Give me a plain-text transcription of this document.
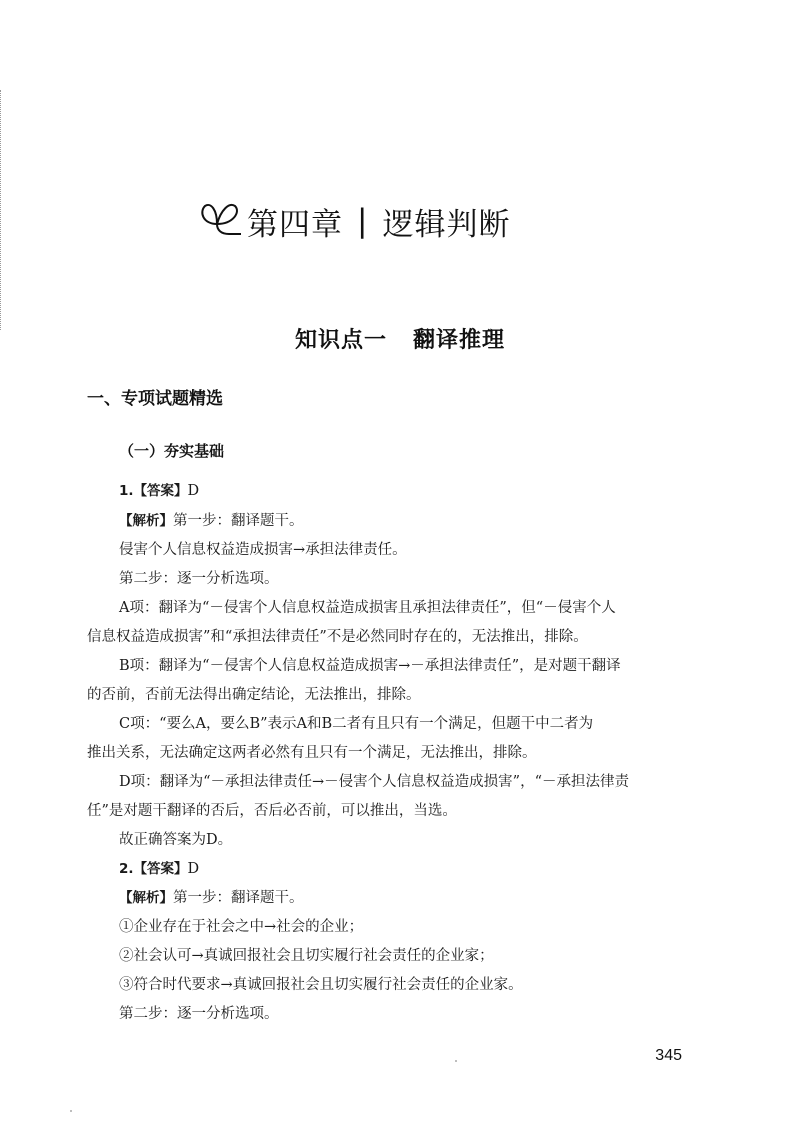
第四章 | 逻辑判断
知识点一 翻译推理
一、专项试题精选
（一）夯实基础
1.【答案】D
【解析】第一步：翻译题干。
侵害个人信息权益造成损害→承担法律责任。
第二步：逐一分析选项。
A项：翻译为“－侵害个人信息权益造成损害且承担法律责任”，但“－侵害个人
信息权益造成损害”和“承担法律责任”不是必然同时存在的，无法推出，排除。
B项：翻译为“－侵害个人信息权益造成损害→－承担法律责任”，是对题干翻译
的否前，否前无法得出确定结论，无法推出，排除。
C项：“要么A，要么B”表示A和B二者有且只有一个满足，但题干中二者为
推出关系，无法确定这两者必然有且只有一个满足，无法推出，排除。
D项：翻译为“－承担法律责任→－侵害个人信息权益造成损害”，“－承担法律责
任”是对题干翻译的否后，否后必否前，可以推出，当选。
故正确答案为D。
2.【答案】D
【解析】第一步：翻译题干。
①企业存在于社会之中→社会的企业；
②社会认可→真诚回报社会且切实履行社会责任的企业家；
③符合时代要求→真诚回报社会且切实履行社会责任的企业家。
第二步：逐一分析选项。
345
